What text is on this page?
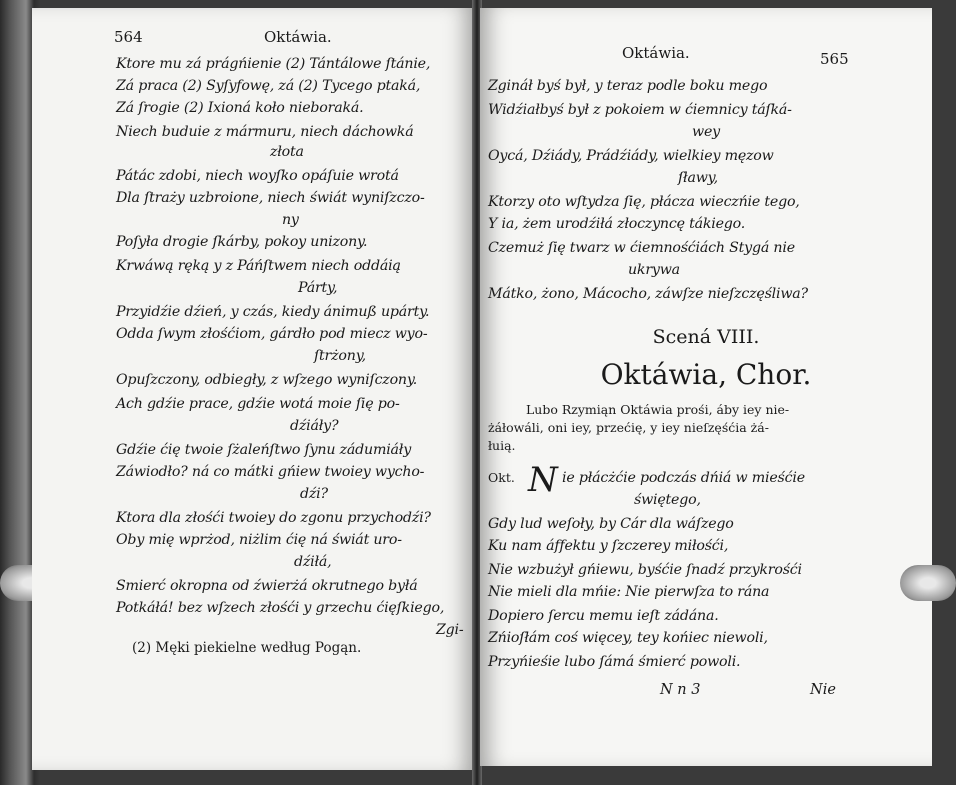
564	Oktáwia.
Ktore mu zá prágńienie (2) Tántálowe ſtánie,
Zá praca (2) Syſyfowę, zá (2) Tycego ptaká,
Zá ſrogie (2) Ixioná koło nieboraká.
Niech buduie z mármuru, niech dáchowká
złota
Pátác zdobi, niech woyſko opáſuie wrotá
Dla ſtraży uzbroione, niech świát wyniſzczo-
ny
Poſyła drogie ſkárby, pokoy unizony.
Krwáwą ręką y z Páńſtwem niech oddáią
Párty,
Przyidźie dźień, y czás, kiedy ánimuß upárty.
Odda ſwym złośćiom, gárdło pod miecz wyo-
ſtrżony,
Opuſzczony, odbiegły, z wſzego wyniſczony.
Ach gdźie prace, gdźie wotá moie ſię po-
dźiáły?
Gdźie ćię twoie ſżaleńſtwo ſynu zádumiáły
Záwiodło? ná co mátki gńiew twoiey wycho-
dźi?
Ktora dla złośći twoiey do zgonu przychodźi?
Oby mię wprżod, niżlim ćię ná świát uro-
dźiłá,
Smierć okropna od źwierżá okrutnego byłá
Potkáłá! bez wſzech złośći y grzechu ćięſkiego,
Zgi-
(2) Męki piekielne według Pogąn.
Oktáwia.	565
Zgináł byś był, y teraz podle boku mego
Widźiałbyś był z pokoiem w ćiemnicy táſká-
wey
Oycá, Dźiády, Prádźiády, wielkiey męzow
ſławy,
Ktorzy oto wſtydza ſię, płácza wieczńie tego,
Y ia, żem urodźiłá złoczyncę tákiego.
Czemuż ſię twarz w ćiemnośćiách Stygá nie
ukrywa
Mátko, żono, Mácocho, záwſze nieſzczęśliwa?
Scená VIII.
Oktáwia, Chor.
Lubo Rzymiąn Oktáwia prośi, áby iey nie-
żáłowáli, oni iey, przećię, y iey nieſzęśćia żá-
łuią.
Okt. N ie płácżćie podczás dńiá w mieśćie
świętego,
Gdy lud weſoły, by Cár dla wáſzego
Ku nam áffektu y ſzczerey miłośći,
Nie wzbużył gńiewu, byśćie ſnadź przykrośći
Nie mieli dla mńie: Nie pierwſza to rána
Dopiero ſercu memu ieſt zádána.
Zńioſłám coś więcey, tey końiec niewoli,
Przyńieśie lubo ſámá śmierć powoli.
N n 3	Nie
